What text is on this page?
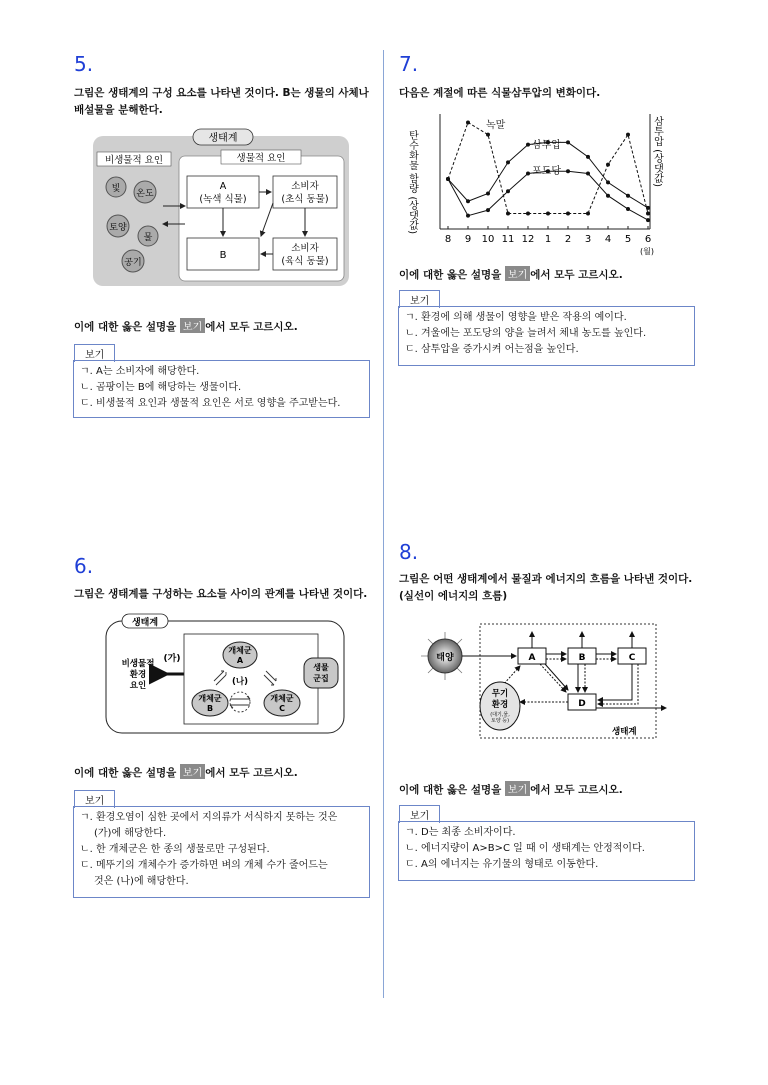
5.
그림은 생태계의 구성 요소를 나타낸 것이다. B는 생물의 사체나 배설물을 분해한다.
생태계
비생물적 요인	생물적 요인
빛 온도
토양
물
공기
A
(녹색 식물)
소비자
(초식 동물)
B
소비자
(육식 동물)
이에 대한 옳은 설명을 보기 에서 모두 고르시오.
보기
ㄱ. A는 소비자에 해당한다.
ㄴ. 곰팡이는 B에 해당하는 생물이다.
ㄷ. 비생물적 요인과 생물적 요인은 서로 영향을 주고받는다.
6.
그림은 생태계를 구성하는 요소들 사이의 관계를 나타낸 것이다.
생태계
비생물적
환경
요인
(가)
개체군
A
개체군
B
개체군
C
(나)
생물
군집
이에 대한 옳은 설명을 보기 에서 모두 고르시오.
보기
ㄱ. 환경오염이 심한 곳에서 지의류가 서식하지 못하는 것은
(가)에 해당한다.
ㄴ. 한 개체군은 한 종의 생물로만 구성된다.
ㄷ. 메뚜기의 개체수가 증가하면 벼의 개체 수가 줄어드는
것은 (나)에 해당한다.
7.
다음은 계절에 따른 식물삼투압의 변화이다.
탄수화물 함량 (상댓값)	삼투압 (상댓값)
8 9 10 11 12 1 2 3 4 5 6
녹말
삼투압
포도당
(월)
이에 대한 옳은 설명을 보기 에서 모두 고르시오.
보기
ㄱ. 환경에 의해 생물이 영향을 받은 작용의 예이다.
ㄴ. 겨울에는 포도당의 양을 늘려서 체내 농도를 높인다.
ㄷ. 삼투압을 증가시켜 어는점을 높인다.
8.
그림은 어떤 생태계에서 물질과 에너지의 흐름을 나타낸 것이다.
(실선이 에너지의 흐름)
태양	A	B	C
D
무기
환경
(대기,물,
토양 등)
생태계
이에 대한 옳은 설명을 보기 에서 모두 고르시오.
보기
ㄱ. D는 최종 소비자이다.
ㄴ. 에너지량이 A>B>C 일 때 이 생태계는 안정적이다.
ㄷ. A의 에너지는 유기물의 형태로 이동한다.
